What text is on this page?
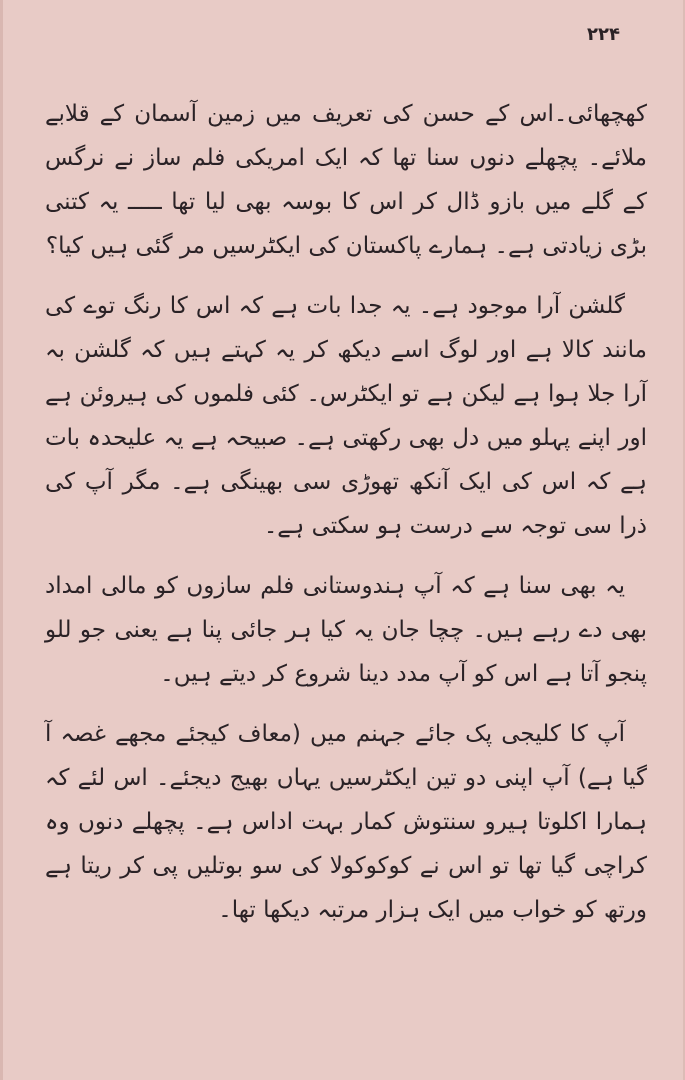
۲۲۴

کھچھائی۔اس کے حسن کی تعریف میں زمین آسمان کے قلابے ملائے۔ پچھلے دنوں سنا تھا کہ ایک امریکی فلم ساز نے نرگس کے گلے میں بازو ڈال کر اس کا بوسہ بھی لیا تھا ـــــ یہ کتنی بڑی زیادتی ہے۔ ہمارے پاکستان کی ایکٹرسیں مر گئی ہیں کیا؟

گلشن آرا موجود ہے۔ یہ جدا بات ہے کہ اس کا رنگ توے کی مانند کالا ہے اور لوگ اسے دیکھ کر یہ کہتے ہیں کہ گلشن بہ آرا جلا ہوا ہے لیکن ہے تو ایکٹرس۔ کئی فلموں کی ہیروئن ہے اور اپنے پہلو میں دل بھی رکھتی ہے۔ صبیحہ ہے یہ علیحدہ بات ہے کہ اس کی ایک آنکھ تھوڑی سی بھینگی ہے۔ مگر آپ کی ذرا سی توجہ سے درست ہو سکتی ہے۔

یہ بھی سنا ہے کہ آپ ہندوستانی فلم سازوں کو مالی امداد بھی دے رہے ہیں۔ چچا جان یہ کیا ہر جائی پنا ہے یعنی جو للو پنجو آتا ہے اس کو آپ مدد دینا شروع کر دیتے ہیں۔

آپ کا کلیجی پک جائے جہنم میں (معاف کیجئے مجھے غصہ آ گیا ہے) آپ اپنی دو تین ایکٹرسیں یہاں بھیج دیجئے۔ اس لئے کہ ہمارا اکلوتا ہیرو سنتوش کمار بہت اداس ہے۔ پچھلے دنوں وہ کراچی گیا تھا تو اس نے کوکوکولا کی سو بوتلیں پی کر ریتا ہے ورتھ کو خواب میں ایک ہزار مرتبہ دیکھا تھا۔
